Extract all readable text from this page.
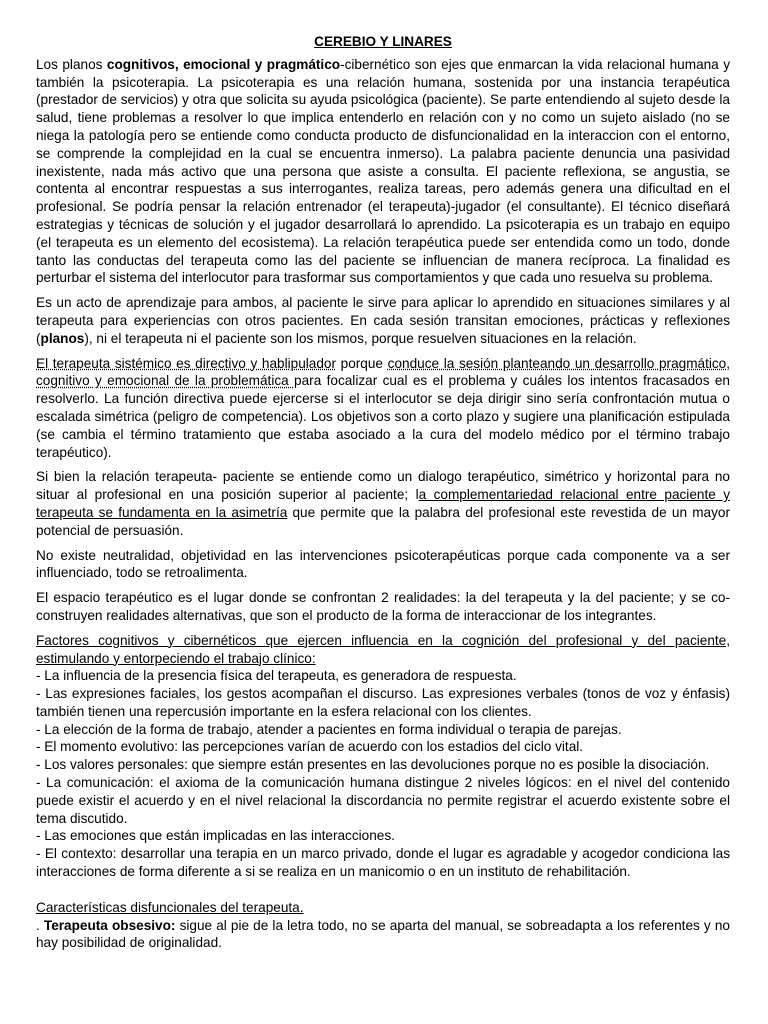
CEREBIO Y LINARES

Los planos cognitivos, emocional y pragmático-cibernético son ejes que enmarcan la vida relacional humana y también la psicoterapia. La psicoterapia es una relación humana, sostenida por una instancia terapéutica (prestador de servicios) y otra que solicita su ayuda psicológica (paciente). Se parte entendiendo al sujeto desde la salud, tiene problemas a resolver lo que implica entenderlo en relación con y no como un sujeto aislado (no se niega la patología pero se entiende como conducta producto de disfuncionalidad en la interaccion con el entorno, se comprende la complejidad en la cual se encuentra inmerso). La palabra paciente denuncia una pasividad inexistente, nada más activo que una persona que asiste a consulta. El paciente reflexiona, se angustia, se contenta al encontrar respuestas a sus interrogantes, realiza tareas, pero además genera una dificultad en el profesional. Se podría pensar la relación entrenador (el terapeuta)-jugador (el consultante). El técnico diseñará estrategias y técnicas de solución y el jugador desarrollará lo aprendido. La psicoterapia es un trabajo en equipo (el terapeuta es un elemento del ecosistema). La relación terapéutica puede ser entendida como un todo, donde tanto las conductas del terapeuta como las del paciente se influencian de manera recíproca. La finalidad es perturbar el sistema del interlocutor para trasformar sus comportamientos y que cada uno resuelva su problema.

Es un acto de aprendizaje para ambos, al paciente le sirve para aplicar lo aprendido en situaciones similares y al terapeuta para experiencias con otros pacientes. En cada sesión transitan emociones, prácticas y reflexiones (planos), ni el terapeuta ni el paciente son los mismos, porque resuelven situaciones en la relación.

El terapeuta sistémico es directivo y hablipulador porque conduce la sesión planteando un desarrollo pragmático, cognitivo y emocional de la problemática para focalizar cual es el problema y cuáles los intentos fracasados en resolverlo. La función directiva puede ejercerse si el interlocutor se deja dirigir sino sería confrontación mutua o escalada simétrica (peligro de competencia). Los objetivos son a corto plazo y sugiere una planificación estipulada (se cambia el término tratamiento que estaba asociado a la cura del modelo médico por el término trabajo terapéutico).

Si bien la relación terapeuta- paciente se entiende como un dialogo terapéutico, simétrico y horizontal para no situar al profesional en una posición superior al paciente; la complementariedad relacional entre paciente y terapeuta se fundamenta en la asimetría que permite que la palabra del profesional este revestida de un mayor potencial de persuasión.

No existe neutralidad, objetividad en las intervenciones psicoterapéuticas porque cada componente va a ser influenciado, todo se retroalimenta.

El espacio terapéutico es el lugar donde se confrontan 2 realidades: la del terapeuta y la del paciente; y se co-construyen realidades alternativas, que son el producto de la forma de interaccionar de los integrantes.

Factores cognitivos y cibernéticos que ejercen influencia en la cognición del profesional y del paciente, estimulando y entorpeciendo el trabajo clínico:
- La influencia de la presencia física del terapeuta, es generadora de respuesta.
- Las expresiones faciales, los gestos acompañan el discurso. Las expresiones verbales (tonos de voz y énfasis) también tienen una repercusión importante en la esfera relacional con los clientes.
- La elección de la forma de trabajo, atender a pacientes en forma individual o terapia de parejas.
- El momento evolutivo: las percepciones varían de acuerdo con los estadios del ciclo vital.
- Los valores personales: que siempre están presentes en las devoluciones porque no es posible la disociación.
- La comunicación: el axioma de la comunicación humana distingue 2 niveles lógicos: en el nivel del contenido puede existir el acuerdo y en el nivel relacional la discordancia no permite registrar el acuerdo existente sobre el tema discutido.
- Las emociones que están implicadas en las interacciones.
- El contexto: desarrollar una terapia en un marco privado, donde el lugar es agradable y acogedor condiciona las interacciones de forma diferente a si se realiza en un manicomio o en un instituto de rehabilitación.
Características disfuncionales del terapeuta.
. Terapeuta obsesivo: sigue al pie de la letra todo, no se aparta del manual, se sobreadapta a los referentes y no hay posibilidad de originalidad.
